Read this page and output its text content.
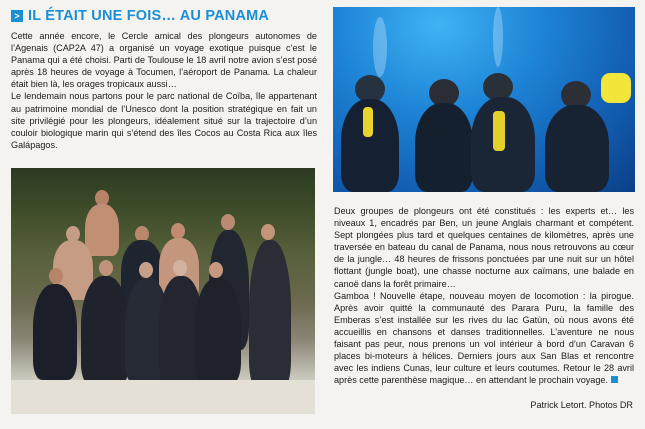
> IL ÉTAIT UNE FOIS… AU PANAMA

Cette année encore, le Cercle amical des plongeurs autonomes de l’Agenais (CAP2A 47) a organisé un voyage exotique puisque c’est le Panama qui a été choisi. Parti de Toulouse le 18 avril notre avion s’est posé après 18 heures de voyage à Tocumen, l’aéroport de Panama. La chaleur était bien là, les orages tropicaux aussi…

Le lendemain nous partons pour le parc national de Coïba, île appartenant au patrimoine mondial de l’Unesco dont la position stratégique en fait un site privilégié pour les plongeurs, idéalement situé sur la trajectoire d’un couloir biologique marin qui s’étend des îles Cocos au Costa Rica aux îles Galápagos.

Deux groupes de plongeurs ont été constitués : les experts et… les niveaux 1, encadrés par Ben, un jeune Anglais charmant et compétent. Sept plongées plus tard et quelques centaines de kilomètres, après une traversée en bateau du canal de Panama, nous nous retrouvons au cœur de la jungle… 48 heures de frissons ponctuées par une nuit sur un hôtel flottant (jungle boat), une chasse nocturne aux caïmans, une balade en canoë dans la forêt primaire…

Gamboa ! Nouvelle étape, nouveau moyen de locomotion : la pirogue. Après avoir quitté la communauté des Parara Puru, la famille des Emberas s’est installée sur les rives du lac Gatùn, où nous avons été accueillis en chansons et danses traditionnelles. L’aventure ne nous faisant pas peur, nous prenons un vol intérieur à bord d’un Caravan 6 places bi-moteurs à hélices. Derniers jours aux San Blas et rencontre avec les indiens Cunas, leur culture et leurs coutumes. Retour le 28 avril après cette parenthèse magique… en attendant le prochain voyage.

Patrick Letort. Photos DR
